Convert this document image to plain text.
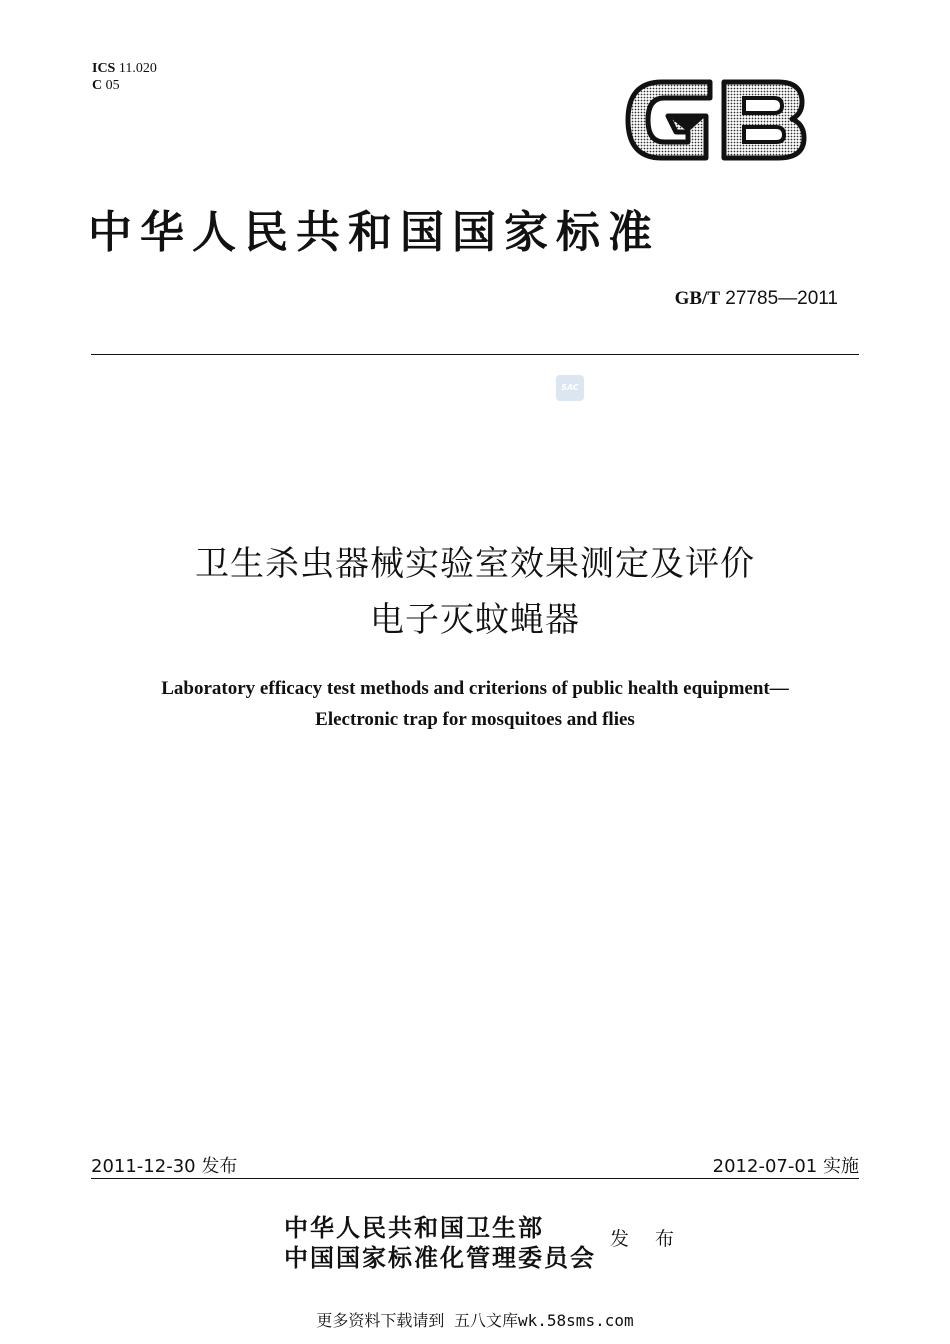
ICS 11.020
C 05
中华人民共和国国家标准
GB/T 27785—2011
SAC
卫生杀虫器械实验室效果测定及评价
电子灭蚊蝇器
Laboratory efficacy test methods and criterions of public health equipment—
Electronic trap for mosquitoes and flies
2011-12-30 发布	2012-07-01 实施
中华人民共和国卫生部
中国国家标准化管理委员会
发 布
更多资料下载请到 五八文库wk.58sms.com
